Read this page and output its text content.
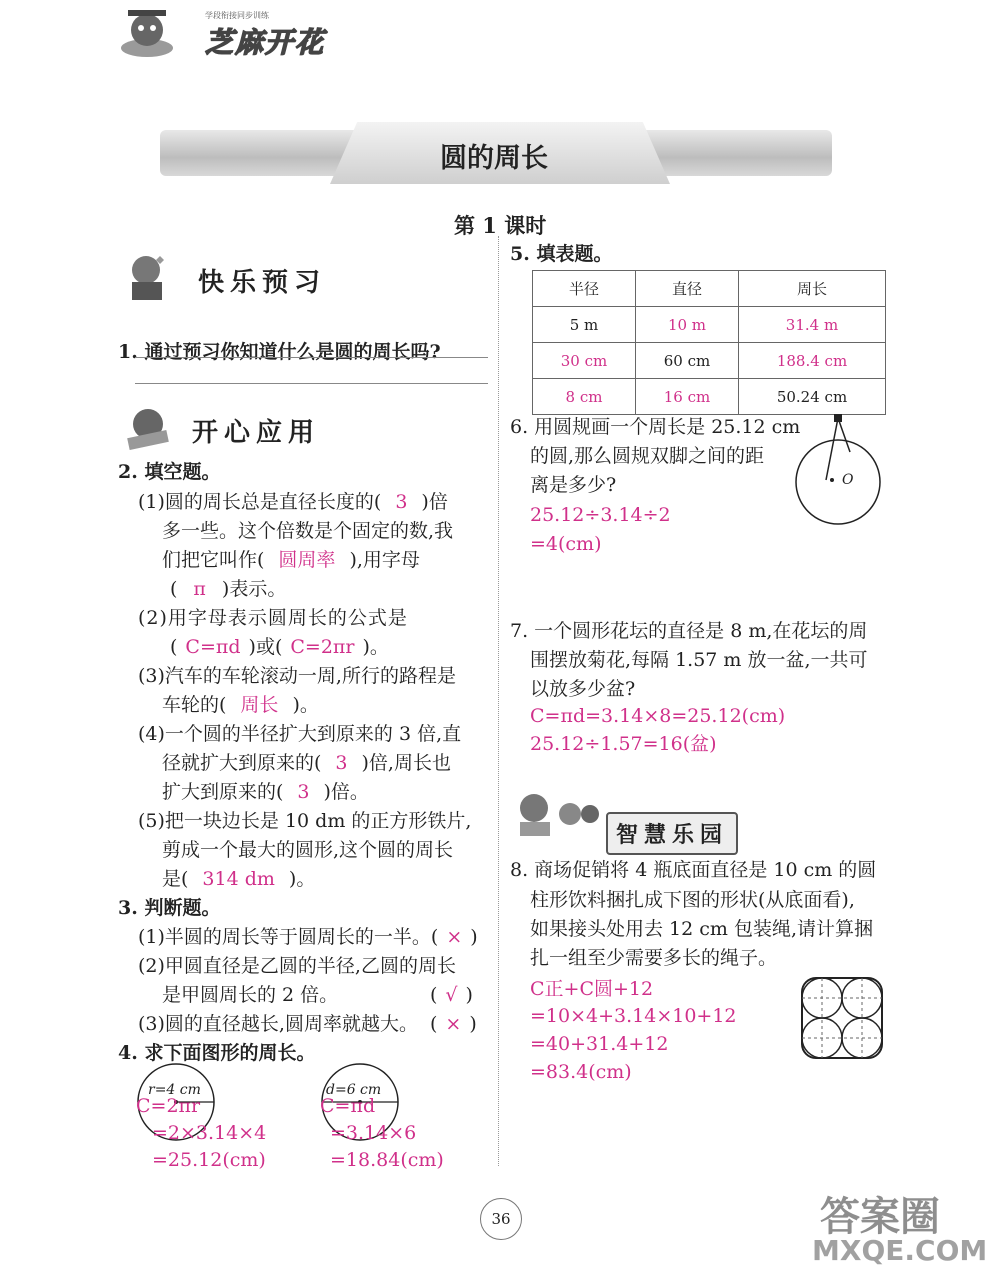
学段衔接同步训练
芝麻开花
圆的周长
第 1 课时
快乐预习
1. 通过预习你知道什么是圆的周长吗?
开心应用
2. 填空题。
(1)圆的周长总是直径长度的( 3 )倍
多一些。这个倍数是个固定的数,我
们把它叫作( 圆周率 ),用字母
( π )表示。
(2)用字母表示圆周长的公式是
( C=πd )或( C=2πr )。
(3)汽车的车轮滚动一周,所行的路程是
车轮的( 周长 )。
(4)一个圆的半径扩大到原来的 3 倍,直
径就扩大到原来的( 3 )倍,周长也
扩大到原来的( 3 )倍。
(5)把一块边长是 10 dm 的正方形铁片,
剪成一个最大的圆形,这个圆的周长
是( 314 dm )。
3. 判断题。
(1)半圆的周长等于圆周长的一半。( × )
(2)甲圆直径是乙圆的半径,乙圆的周长
是甲圆周长的 2 倍。	( √ )
(3)圆的直径越长,圆周率就越大。 ( × )
4. 求下面图形的周长。
r=4 cm	d=6 cm
C=2πr
=2×3.14×4
=25.12(cm)
C=πd
=3.14×6
=18.84(cm)
5. 填表题。
半径	直径	周长
5 m	10 m	31.4 m
30 cm	60 cm	188.4 cm
8 cm	16 cm	50.24 cm
6. 用圆规画一个周长是 25.12 cm
的圆,那么圆规双脚之间的距
离是多少?
25.12÷3.14÷2
=4(cm)
O
7. 一个圆形花坛的直径是 8 m,在花坛的周
围摆放菊花,每隔 1.57 m 放一盆,一共可
以放多少盆?
C=πd=3.14×8=25.12(cm)
25.12÷1.57=16(盆)
智慧乐园
8. 商场促销将 4 瓶底面直径是 10 cm 的圆
柱形饮料捆扎成下图的形状(从底面看),
如果接头处用去 12 cm 包装绳,请计算捆
扎一组至少需要多长的绳子。
C正+C圆+12
=10×4+3.14×10+12
=40+31.4+12
=83.4(cm)
36	答案圈
MXQE.COM
